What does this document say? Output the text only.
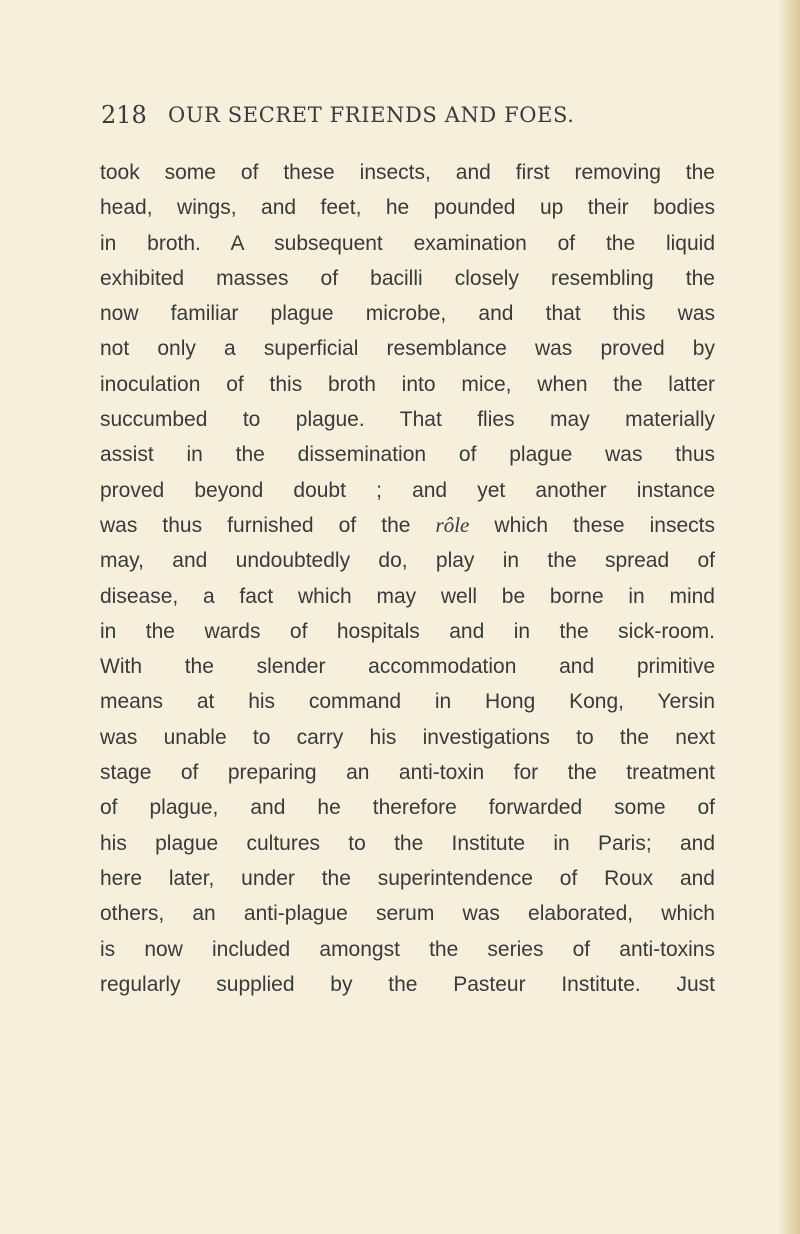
218 OUR SECRET FRIENDS AND FOES.

took some of these insects, and first removing the
head, wings, and feet, he pounded up their bodies
in broth. A subsequent examination of the liquid
exhibited masses of bacilli closely resembling the
now familiar plague microbe, and that this was
not only a superficial resemblance was proved by
inoculation of this broth into mice, when the latter
succumbed to plague. That flies may materially
assist in the dissemination of plague was thus
proved beyond doubt ; and yet another instance
was thus furnished of the rôle which these insects
may, and undoubtedly do, play in the spread of
disease, a fact which may well be borne in mind
in the wards of hospitals and in the sick-room.
With the slender accommodation and primitive
means at his command in Hong Kong, Yersin
was unable to carry his investigations to the next
stage of preparing an anti-toxin for the treatment
of plague, and he therefore forwarded some of
his plague cultures to the Institute in Paris; and
here later, under the superintendence of Roux and
others, an anti-plague serum was elaborated, which
is now included amongst the series of anti-toxins
regularly supplied by the Pasteur Institute. Just
